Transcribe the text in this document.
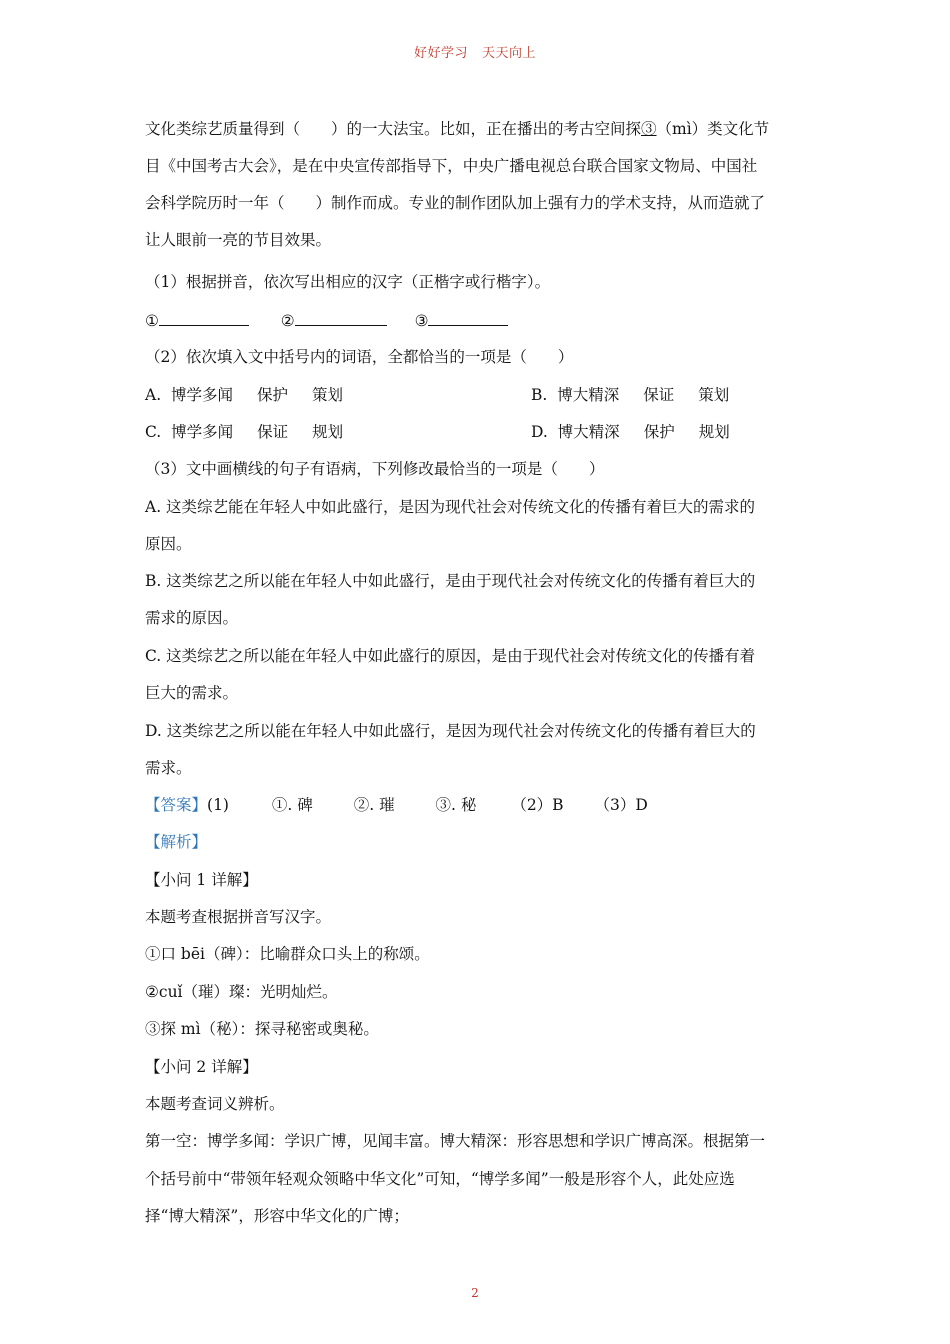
好好学习 天天向上
文化类综艺质量得到（　　）的一大法宝。比如，正在播出的考古空间探③（mì）类文化节
目《中国考古大会》，是在中央宣传部指导下，中央广播电视总台联合国家文物局、中国社
会科学院历时一年（　　）制作而成。专业的制作团队加上强有力的学术支持，从而造就了
让人眼前一亮的节目效果。
（1）根据拼音，依次写出相应的汉字（正楷字或行楷字）。
①	②	③
（2）依次填入文中括号内的词语，全都恰当的一项是（　　）
A. 博学多闻 保护 策划	B. 博大精深 保证 策划
C. 博学多闻 保证 规划	D. 博大精深 保护 规划
（3）文中画横线的句子有语病，下列修改最恰当的一项是（　　）
A. 这类综艺能在年轻人中如此盛行，是因为现代社会对传统文化的传播有着巨大的需求的
原因。
B. 这类综艺之所以能在年轻人中如此盛行，是由于现代社会对传统文化的传播有着巨大的
需求的原因。
C. 这类综艺之所以能在年轻人中如此盛行的原因，是由于现代社会对传统文化的传播有着
巨大的需求。
D. 这类综艺之所以能在年轻人中如此盛行，是因为现代社会对传统文化的传播有着巨大的
需求。
【答案】(1)	①. 碑	②. 璀	③. 秘 （2）B （3）D
【解析】
【小问 1 详解】
本题考查根据拼音写汉字。
①口 bēi（碑）：比喻群众口头上的称颂。
②cuǐ（璀）璨：光明灿烂。
③探 mì（秘）：探寻秘密或奥秘。
【小问 2 详解】
本题考查词义辨析。
第一空：博学多闻：学识广博，见闻丰富。博大精深：形容思想和学识广博高深。根据第一
个括号前中“带领年轻观众领略中华文化”可知，“博学多闻”一般是形容个人，此处应选
择“博大精深”，形容中华文化的广博；
2
